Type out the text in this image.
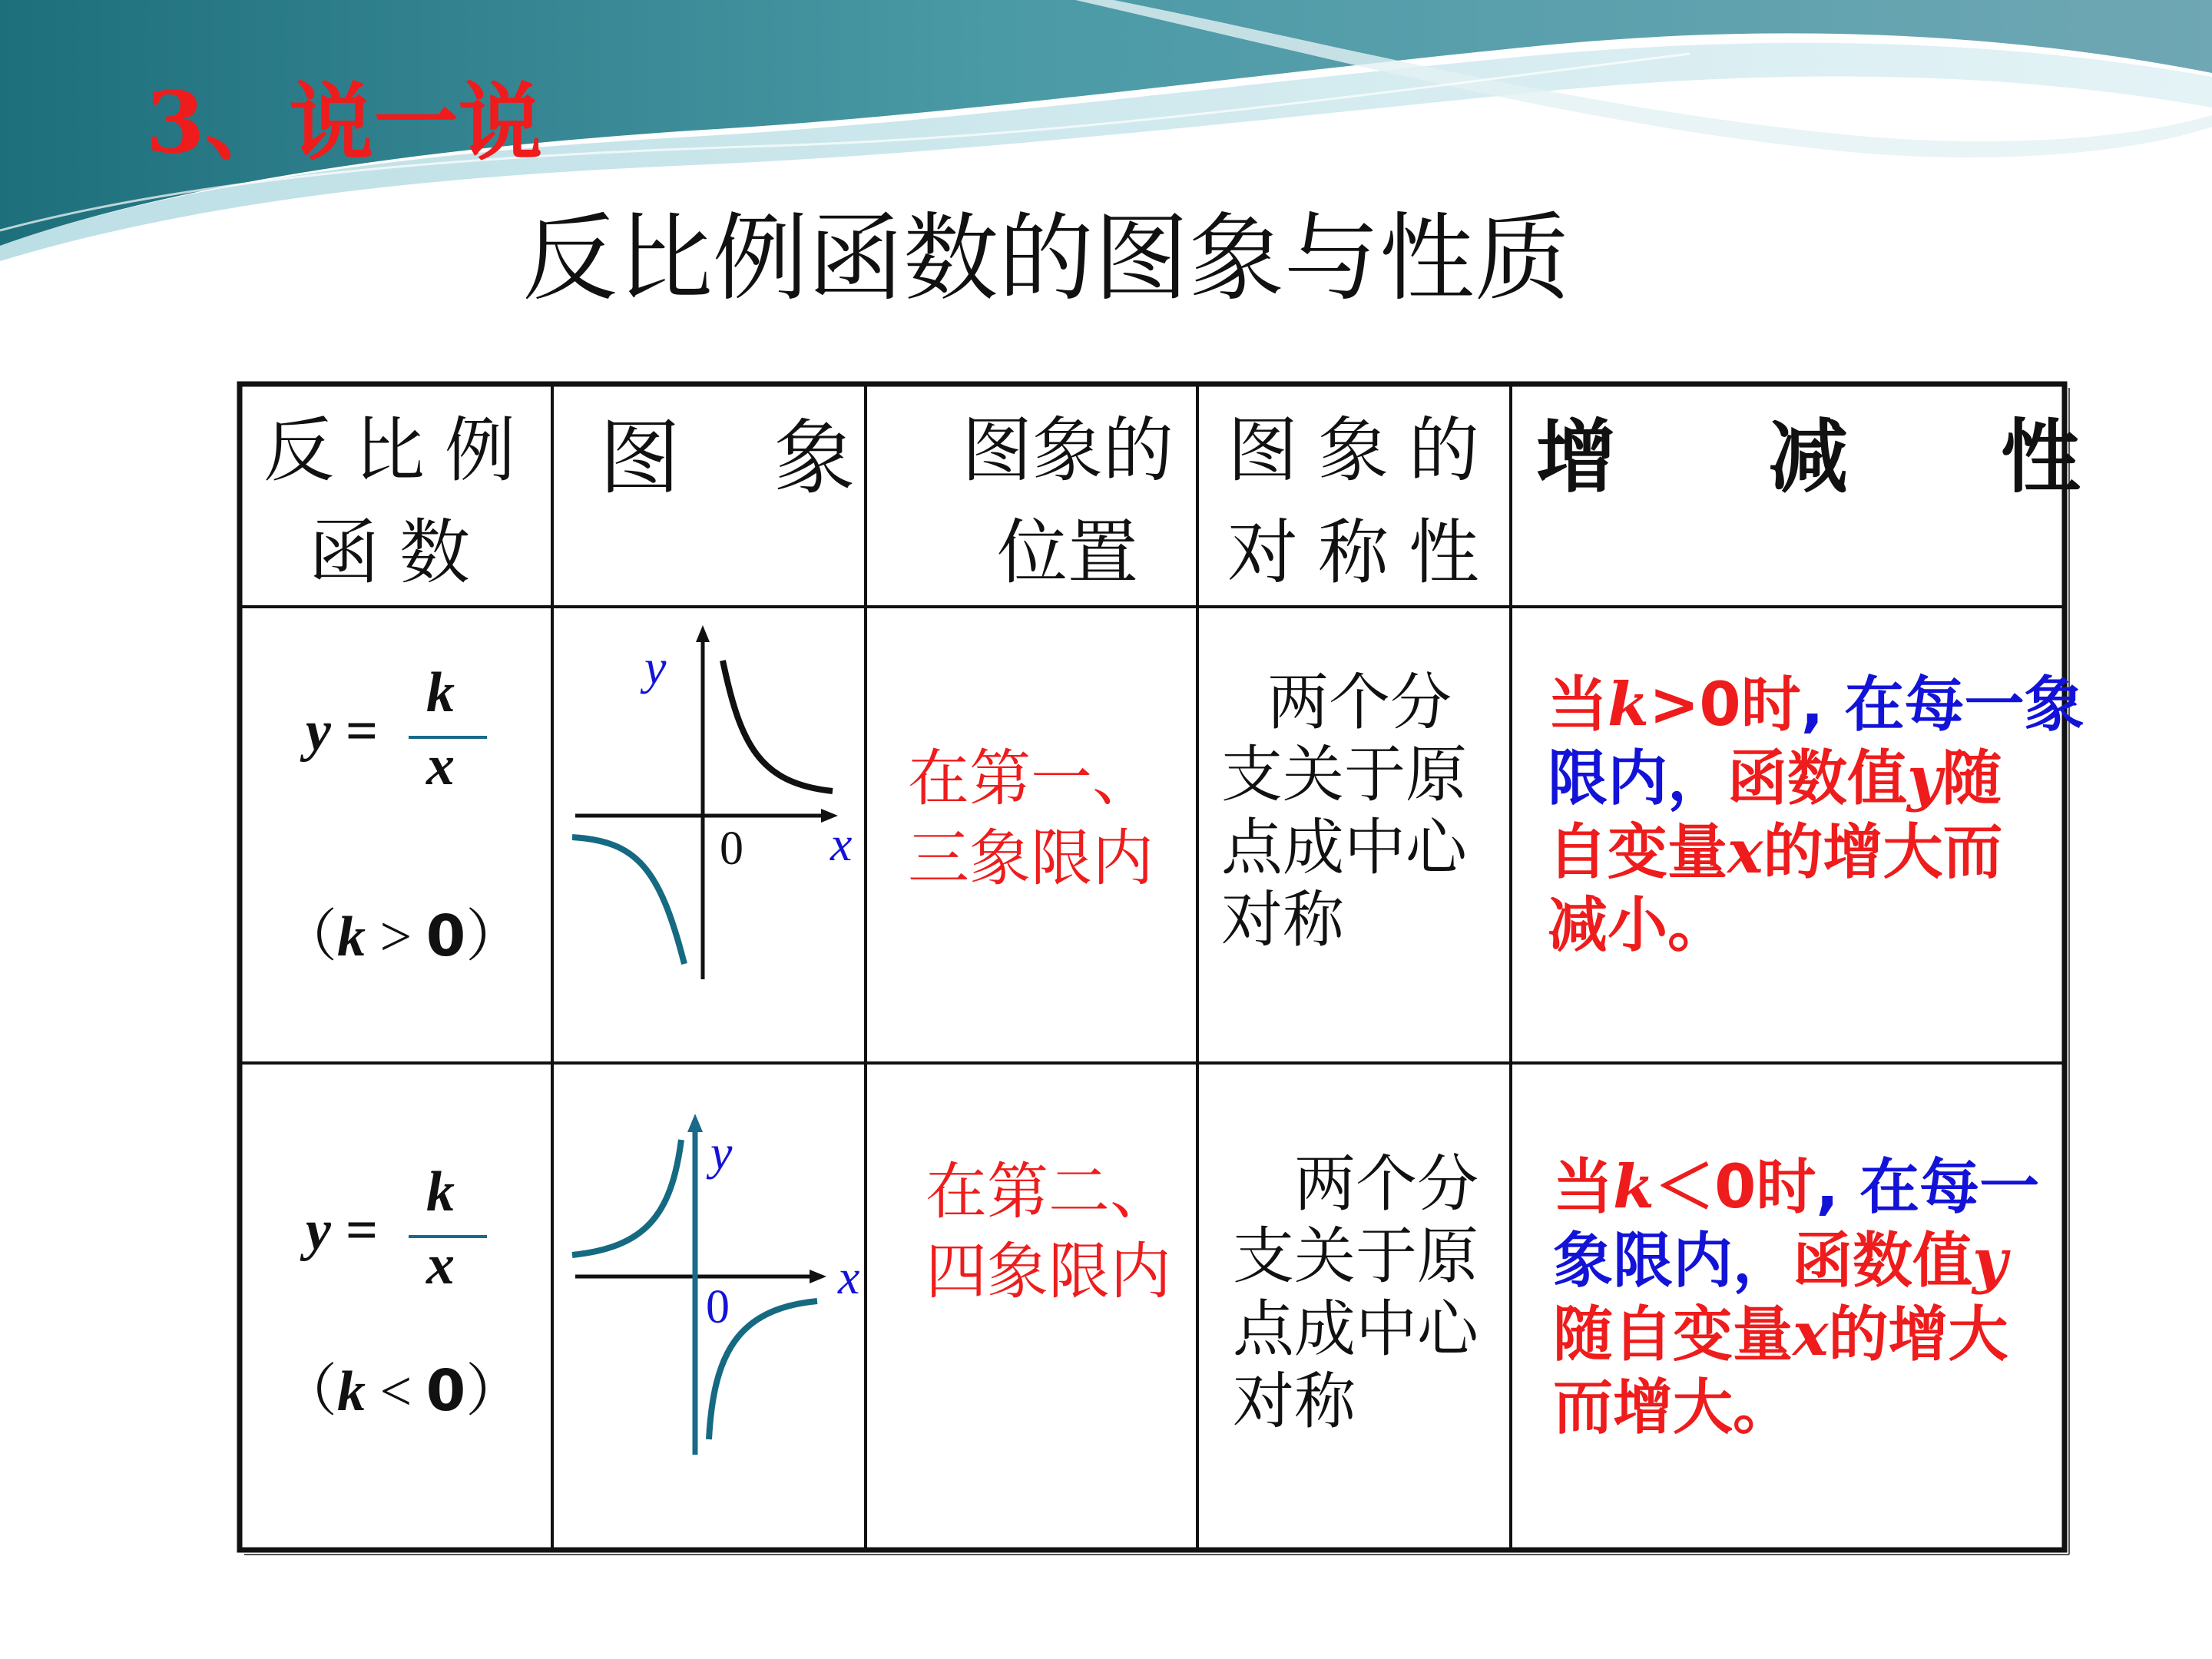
3、说一说
反比例函数的图象与性质
反比例
函数
图  象	图象的
位置
图象的
对称性
增  减  性
y =
k
x
（k > 0）
y
x
0
在第一、
三象限内
两个分
支关于原
点成中心
对称
当k>0时, 在每一象
限内，函数值y随
自变量x的增大而
减小。
y =
k
x
（k < 0）
y
x
0
在第二、
四象限内
两个分
支关于原
点成中心
对称
当k＜0时, 在每一
象限内，函数值y
随自变量x的增大
而增大。
